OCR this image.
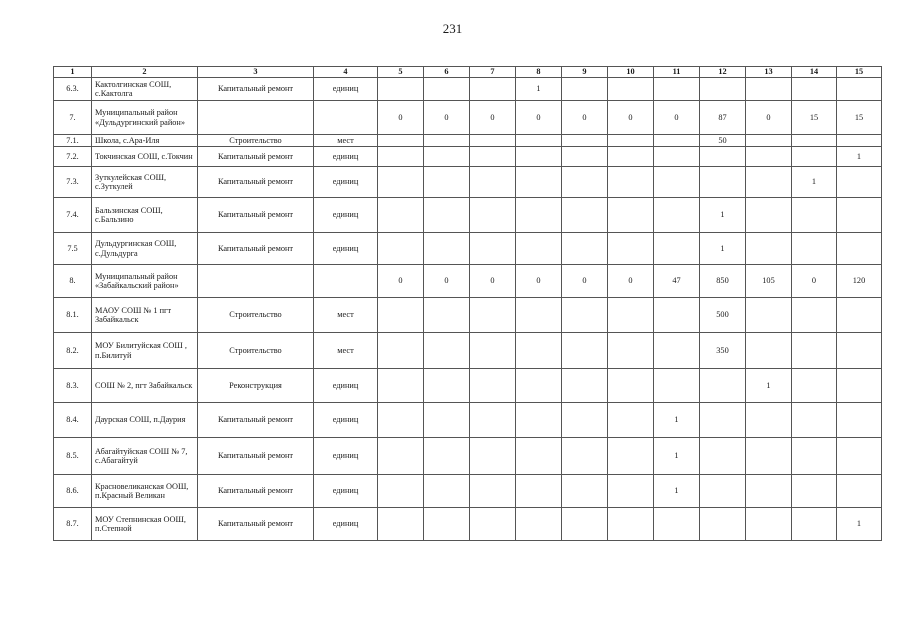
231
1	2	3	4	5	6	7	8	9	10	11	12	13	14	15
6.3.	Кактолгинская СОШ, с.Кактолга	Капитальный ремонт	единиц				1							
7.	Муниципальный район «Дульдургинский район»			0	0	0	0	0	0	0	87	0	15	15
7.1.	Школа, с.Ара-Иля	Строительство	мест								50			
7.2.	Токчинская СОШ, с.Токчин	Капитальный ремонт	единиц											1
7.3.	Зуткулейская СОШ, с.Зуткулей	Капитальный ремонт	единиц										1	
7.4.	Бальзинская СОШ, с.Бальзино	Капитальный ремонт	единиц								1			
7.5	Дульдургинская СОШ, с.Дульдурга	Капитальный ремонт	единиц								1			
8.	Муниципальный район «Забайкальский район»			0	0	0	0	0	0	47	850	105	0	120
8.1.	МАОУ СОШ № 1 пгт Забайкальск	Строительство	мест								500			
8.2.	МОУ Билитуйская СОШ , п.Билитуй	Строительство	мест								350			
8.3.	СОШ № 2, пгт Забайкальск	Реконструкция	единиц									1		
8.4.	Даурская СОШ, п.Даурия	Капитальный ремонт	единиц							1				
8.5.	Абагайтуйская СОШ № 7, с.Абагайтуй	Капитальный ремонт	единиц							1				
8.6.	Красновеликанская ООШ, п.Красный Великан	Капитальный ремонт	единиц							1				
8.7.	МОУ Степнинская ООШ, п.Степной	Капитальный ремонт	единиц											1
